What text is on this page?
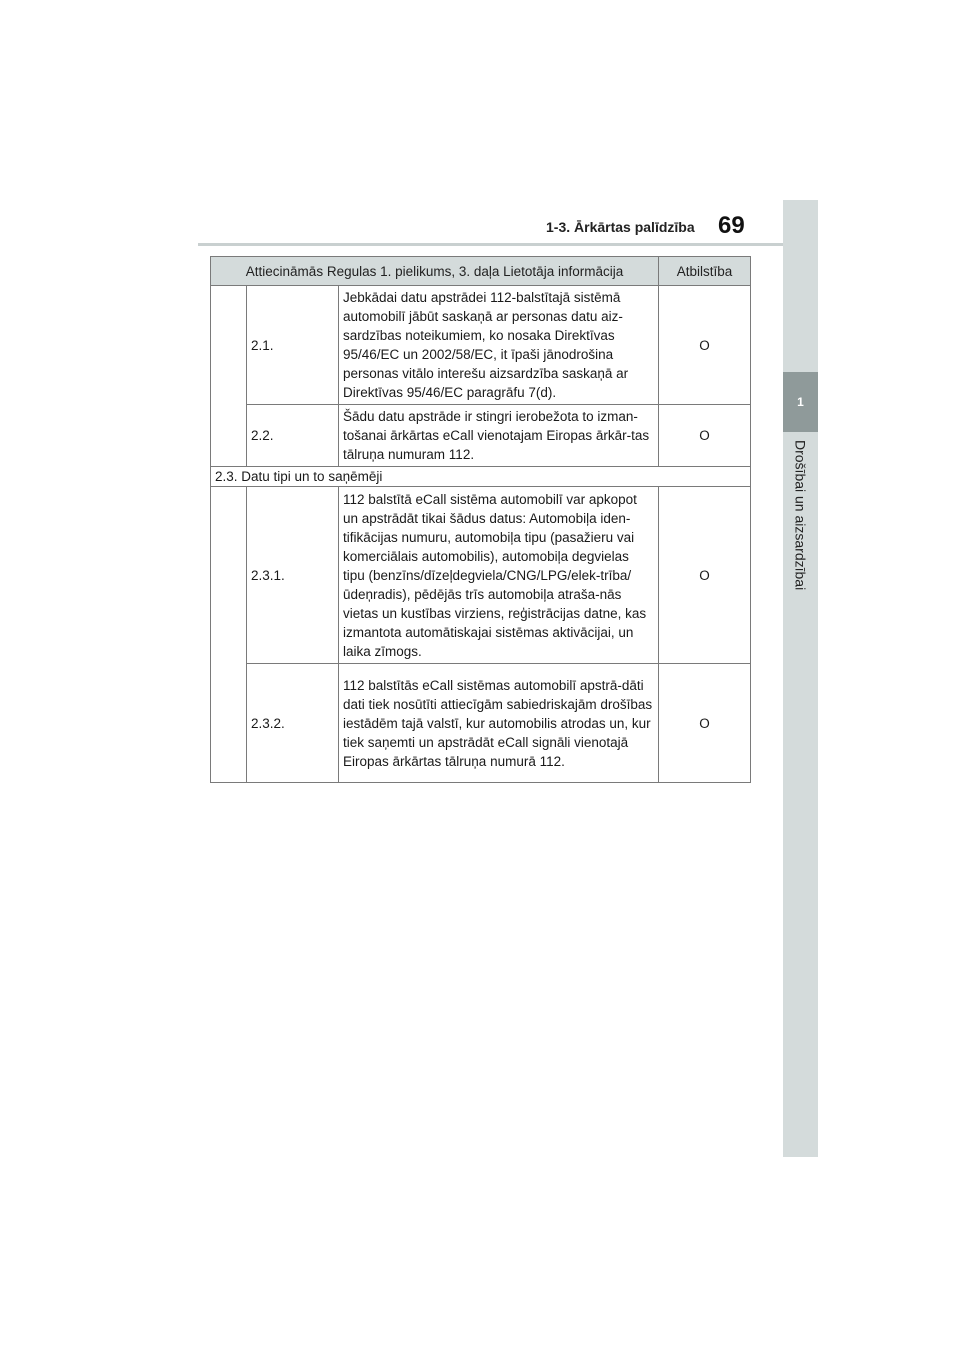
1
Drošībai un aizsardzībai
1-3. Ārkārtas palīdzība 69
Attiecināmās Regulas 1. pielikums, 3. daļa Lietotāja informācija			Atbilstība
	2.1.	Jebkādai datu apstrādei 112-balstītajā sistēmā automobilī jābūt saskaņā ar personas datu aiz-sardzības noteikumiem, ko nosaka Direktīvas 95/46/EC un 2002/58/EC, it īpaši jānodrošina personas vitālo interešu aizsardzība saskaņā ar Direktīvas 95/46/EC paragrāfu 7(d).	O
	2.2.	Šādu datu apstrāde ir stingri ierobežota to izman-tošanai ārkārtas eCall vienotajam Eiropas ārkār-tas tālruņa numuram 112.	O
2.3. Datu tipi un to saņēmēji			
	2.3.1.	112 balstītā eCall sistēma automobilī var apkopot un apstrādāt tikai šādus datus: Automobiļa iden-tifikācijas numuru, automobiļa tipu (pasažieru vai komerciālais automobilis), automobiļa degvielas tipu (benzīns/dīzeļdegviela/CNG/LPG/elek-trība/ūdeņradis), pēdējās trīs automobiļa atraša-nās vietas un kustības virziens, reģistrācijas datne, kas izmantota automātiskajai sistēmas aktivācijai, un laika zīmogs.	O
	2.3.2.	112 balstītās eCall sistēmas automobilī apstrā-dāti dati tiek nosūtīti attiecīgām sabiedriskajām drošības iestādēm tajā valstī, kur automobilis atrodas un, kur tiek saņemti un apstrādāt eCall signāli vienotajā Eiropas ārkārtas tālruņa numurā 112.	O
